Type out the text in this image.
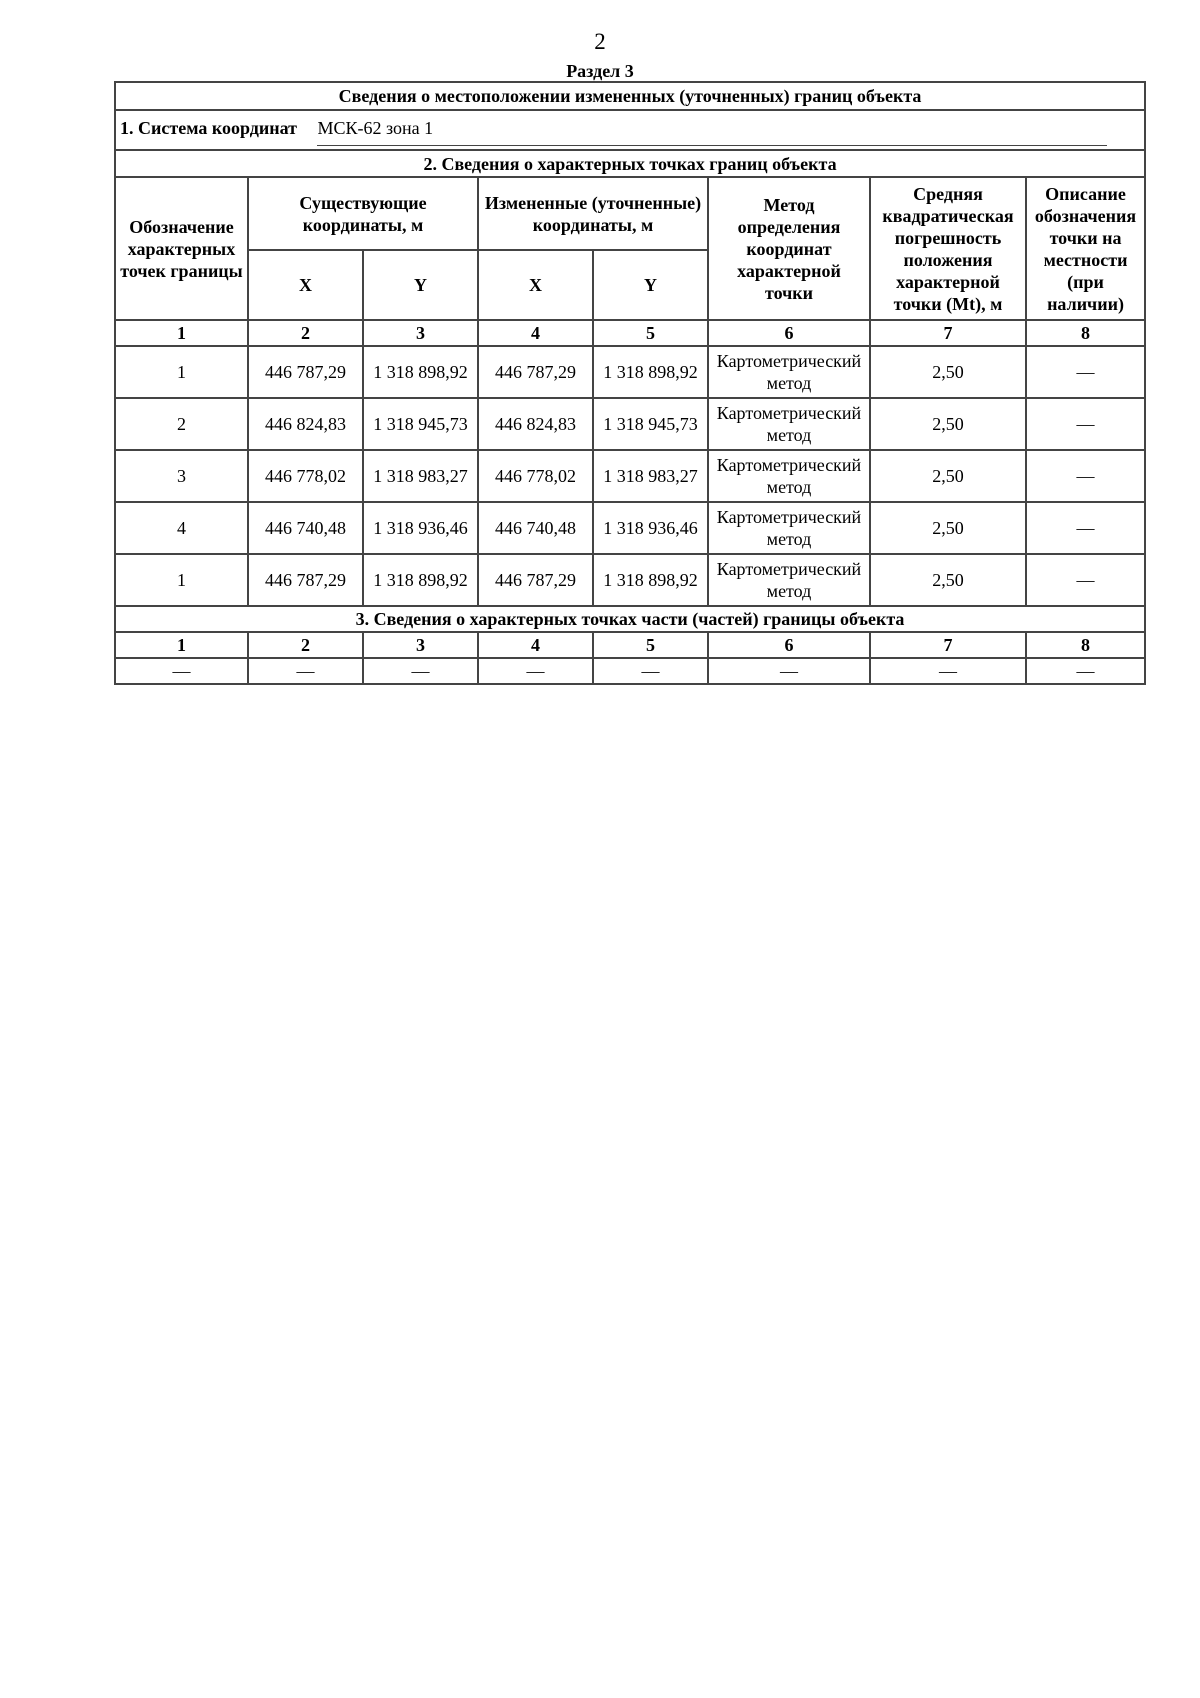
2
Раздел 3
Сведения о местоположении измененных (уточненных) границ объекта							
1. Система координат МСК-62 зона 1							
2. Сведения о характерных точках границ объекта							
Обозначение характерных точек границы	Существующие координаты, м		Измененные (уточненные) координаты, м		Метод определения координат характерной точки	Средняя квадратическая погрешность положения характерной точки (Mt), м	Описание обозначения точки на местности (при наличии)
	X	Y	X	Y			
1	2	3	4	5	6	7	8
1	446 787,29	1 318 898,92	446 787,29	1 318 898,92	Картометрический метод	2,50	—
2	446 824,83	1 318 945,73	446 824,83	1 318 945,73	Картометрический метод	2,50	—
3	446 778,02	1 318 983,27	446 778,02	1 318 983,27	Картометрический метод	2,50	—
4	446 740,48	1 318 936,46	446 740,48	1 318 936,46	Картометрический метод	2,50	—
1	446 787,29	1 318 898,92	446 787,29	1 318 898,92	Картометрический метод	2,50	—
3. Сведения о характерных точках части (частей) границы объекта							
1	2	3	4	5	6	7	8
—	—	—	—	—	—	—	—
